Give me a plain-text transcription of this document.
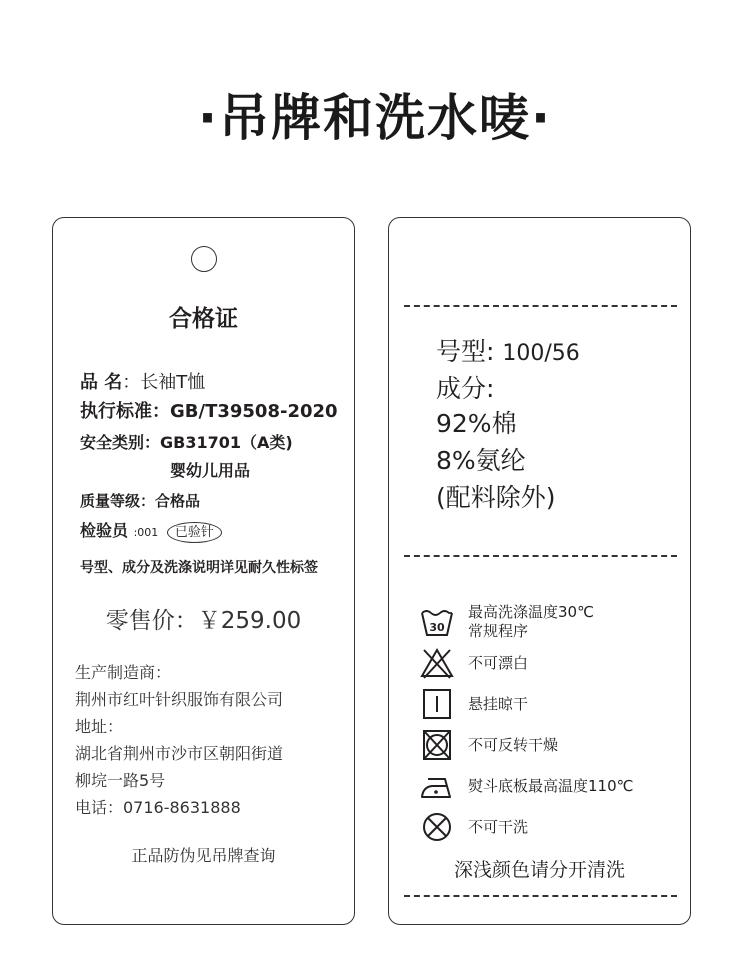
·吊牌和洗水唛·
合格证
品 名：长袖T恤
执行标准：GB/T39508-2020
安全类别：GB31701（A类)
婴幼儿用品
质量等级：合格品
检验员 :001 已验针
号型、成分及洗涤说明详见耐久性标签
零售价：￥259.00
生产制造商：
荆州市红叶针织服饰有限公司
地址：
湖北省荆州市沙市区朝阳街道
柳垸一路5号
电话：0716-8631888
正品防伪见吊牌查询
号型: 100/56
成分:
92%棉
8%氨纶
(配料除外)
30
最高洗涤温度30℃
常规程序
不可漂白
悬挂晾干
不可反转干燥
熨斗底板最高温度110℃
不可干洗
深浅颜色请分开清洗
